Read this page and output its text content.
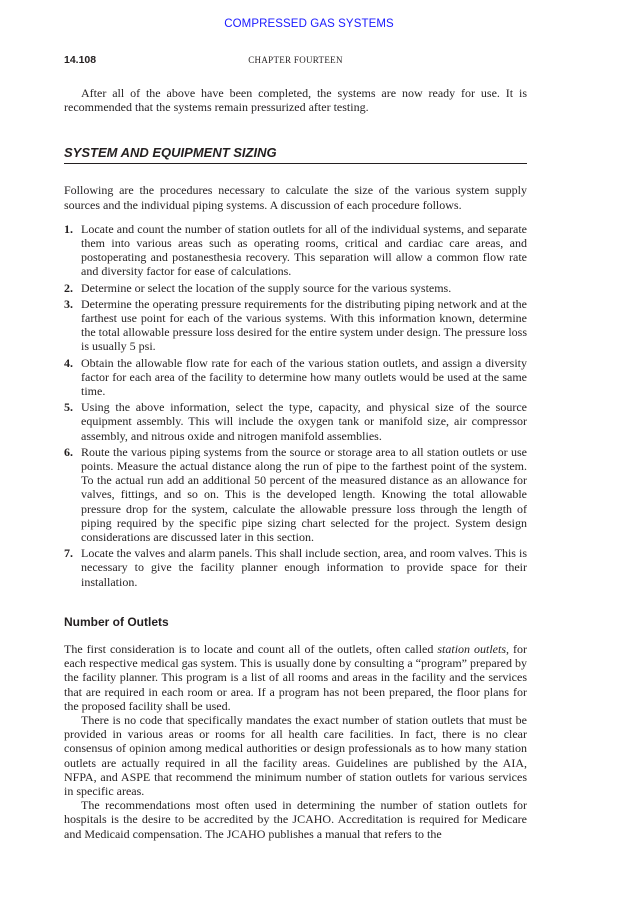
COMPRESSED GAS SYSTEMS
14.108	CHAPTER FOURTEEN

After all of the above have been completed, the systems are now ready for use. It is recommended that the systems remain pressurized after testing.

SYSTEM AND EQUIPMENT SIZING

Following are the procedures necessary to calculate the size of the various system supply sources and the individual piping systems. A discussion of each procedure follows.

1. Locate and count the number of station outlets for all of the individual systems, and separate them into various areas such as operating rooms, critical and cardiac care areas, and postoperating and postanesthesia recovery. This separation will allow a common flow rate and diversity factor for ease of calculations.
2. Determine or select the location of the supply source for the various systems.
3. Determine the operating pressure requirements for the distributing piping network and at the farthest use point for each of the various systems. With this information known, determine the total allowable pressure loss desired for the entire system under design. The pressure loss is usually 5 psi.
4. Obtain the allowable flow rate for each of the various station outlets, and assign a diversity factor for each area of the facility to determine how many outlets would be used at the same time.
5. Using the above information, select the type, capacity, and physical size of the source equipment assembly. This will include the oxygen tank or manifold size, air compressor assembly, and nitrous oxide and nitrogen manifold assemblies.
6. Route the various piping systems from the source or storage area to all station outlets or use points. Measure the actual distance along the run of pipe to the farthest point of the system. To the actual run add an additional 50 percent of the measured distance as an allowance for valves, fittings, and so on. This is the developed length. Knowing the total allowable pressure drop for the system, calculate the allowable pressure loss through the length of piping required by the specific pipe sizing chart selected for the project. System design considerations are discussed later in this section.
7. Locate the valves and alarm panels. This shall include section, area, and room valves. This is necessary to give the facility planner enough information to provide space for their installation.
Number of Outlets

The first consideration is to locate and count all of the outlets, often called station outlets, for each respective medical gas system. This is usually done by consulting a “program” prepared by the facility planner. This program is a list of all rooms and areas in the facility and the services that are required in each room or area. If a program has not been prepared, the floor plans for the proposed facility shall be used.

There is no code that specifically mandates the exact number of station outlets that must be provided in various areas or rooms for all health care facilities. In fact, there is no clear consensus of opinion among medical authorities or design professionals as to how many station outlets are actually required in all the facility areas. Guidelines are published by the AIA, NFPA, and ASPE that recommend the minimum number of station outlets for various services in specific areas.

The recommendations most often used in determining the number of station outlets for hospitals is the desire to be accredited by the JCAHO. Accreditation is required for Medicare and Medicaid compensation. The JCAHO publishes a manual that refers to the
